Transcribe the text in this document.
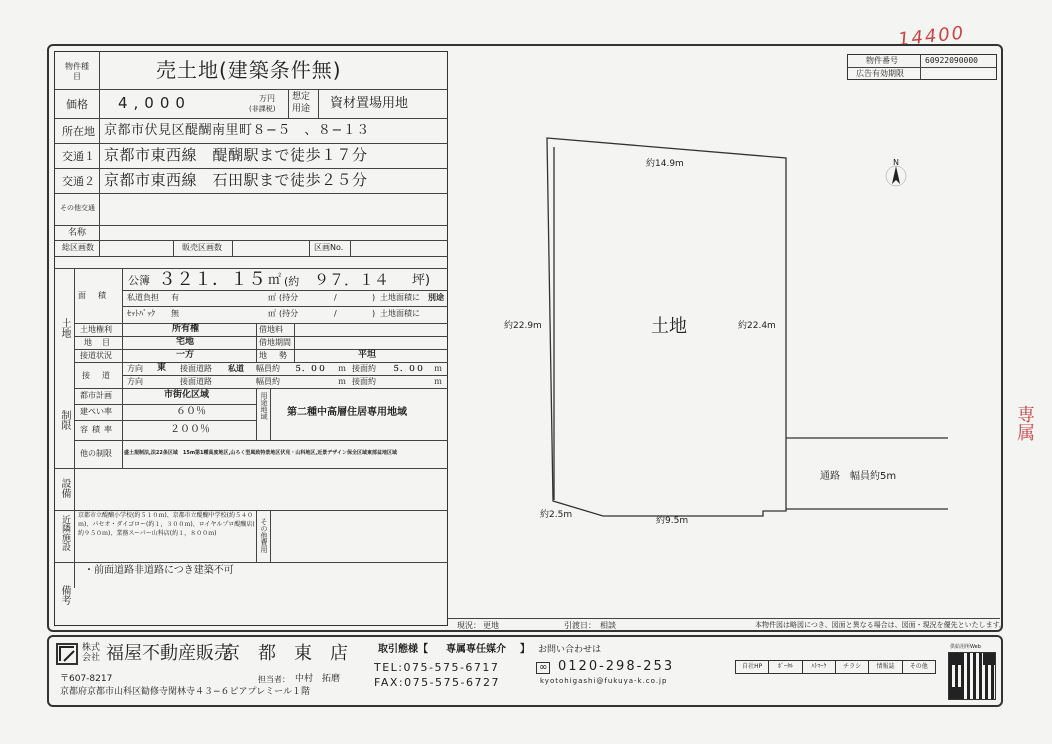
14400
専属
物件番号	60922090000
広告有効期限
物件種目	売土地(建築条件無)
価格 4,000	万円
(非課税)
想定用途	資材置場用地
所在地 京都市伏見区醍醐南里町８−５　、８−１３
交通１ 京都市東西線　醍醐駅まで徒歩１７分
交通２ 京都市東西線　石田駅まで徒歩２５分
その他交通
名称
総区画数	販売区画数	区画No.
土地
面積
公簿 ３２１．１５ ㎡ (約 ９７．１４ 坪)
私道負担 有	㎡ (持分	/	) 土地面積に 別途
ｾｯﾄﾊﾞｯｸ 無	㎡ (持分	/	) 土地面積に
土地権利	所有権	借地料
地目	宅地	借地期間
接道状況	一方	地勢	平坦
接道
方向 東 接面道路 私道 幅員約 ５．００ ｍ 接面約 ５．００ ｍ
方向	接面道路	幅員約	ｍ 接面約	ｍ
制限
都市計画	市街化区域
建ぺい率	６０％
容積率	２００％
用途地域 第二種中高層住居専用地域
他の制限 盛土規制法,法22条区域　15m第1種高度地区,山ろく型風致特景地区伏見・山科地区,近景デザイン保全区域東部盆地区域
設備
近隣施設 京都市立醍醐小学校(約５１０ｍ)、京都市立醍醐中学校(約５４０
ｍ)、パセオ・ダイゴロー(約１，３００ｍ)、ロイヤルプロ醍醐店(
約９５０ｍ)、業務スーパー山科店(約１，８００ｍ)	その他費用
備考
・前面道路非道路につき建築不可
N
土地
約14.9m
約22.9m	約22.4m
約2.5m
約9.5m
通路　幅員約5m
現況： 更地	引渡日： 相談	本物件図は略図につき、図面と異なる場合は、図面・現況を優先といたします。
株式会社 福屋不動産販売
京　都　東　店
〒607-8217	担当者： 中村　拓磨
京都府京都市山科区勧修寺閑林寺４３−６ピアプレミール１階
取引態様【 専属専任媒介 】 お問い合わせは
TEL:075-575-6717
FAX:075-575-6727
∞ 0120-298-253
kyotohigashi@fukuya-k.co.jp
自社HP	ﾎﾟｰﾀﾙ	ﾊﾄﾏｰｸ	チラシ	情報誌	その他
供給用所Web
